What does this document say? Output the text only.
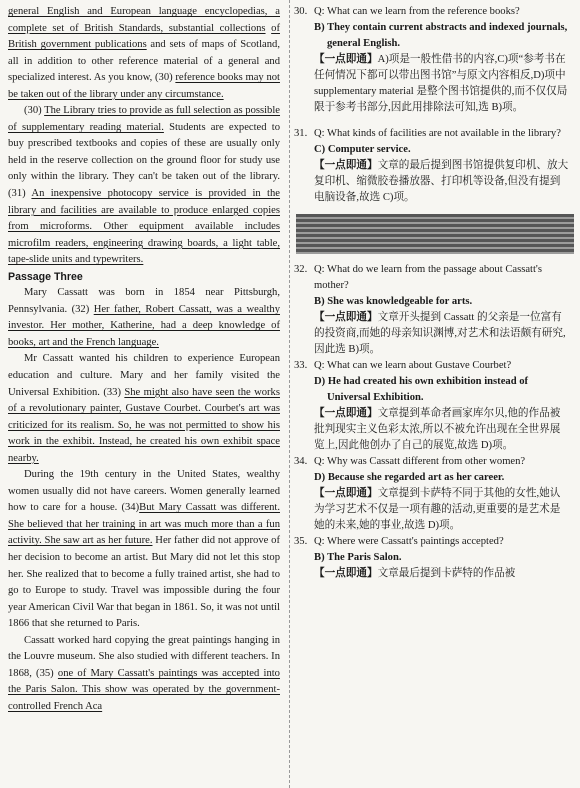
general English and European language encyclopedias, a complete set of British Standards, substantial collections of British government publications and sets of maps of Scotland, all in addition to other reference material of a general and specialized interest. As you know, (30) reference books may not be taken out of the library under any circumstance.

(30) The Library tries to provide as full selection as possible of supplementary reading material. Students are expected to buy prescribed textbooks and copies of these are usually only held in the reserve collection on the ground floor for study use only within the library. They can't be taken out of the library. (31) An inexpensive photocopy service is provided in the library and facilities are available to produce enlarged copies from microforms. Other equipment available includes microfilm readers, engineering drawing boards, a light table, tape-slide units and typewriters.

Passage Three

Mary Cassatt was born in 1854 near Pittsburgh, Pennsylvania. (32) Her father, Robert Cassatt, was a wealthy investor. Her mother, Katherine, had a deep knowledge of books, art and the French language.

Mr Cassatt wanted his children to experience European education and culture. Mary and her family visited the Universal Exhibition. (33) She might also have seen the works of a revolutionary painter, Gustave Courbet. Courbet's art was criticized for its realism. So, he was not permitted to show his work in the exhibit. Instead, he created his own exhibit space nearby.

During the 19th century in the United States, wealthy women usually did not have careers. Women generally learned how to care for a house. (34)But Mary Cassatt was different. She believed that her training in art was much more than a fun activity. She saw art as her future. Her father did not approve of her decision to become an artist. But Mary did not let this stop her. She realized that to become a fully trained artist, she had to go to Europe to study. Travel was impossible during the four year American Civil War that began in 1861. So, it was not until 1866 that she returned to Paris.

Cassatt worked hard copying the great paintings hanging in the Louvre museum. She also studied with different teachers. In 1868, (35) one of Mary Cassatt's paintings was accepted into the Paris Salon. This show was operated by the government-controlled French Aca

30. Q: What can we learn from the reference books?

B) They contain current abstracts and indexed journals, general English.

【一点即通】A)项是一般性借书的内容,C)项“参考书在任何情况下都可以带出图书馆”与原文内容相反,D)项中 supplementary material 是整个图书馆提供的,而不仅仅局限于参考书部分,因此用排除法可知,选 B)项。

31. Q: What kinds of facilities are not available in the library?

C) Computer service.

【一点即通】文章的最后提到图书馆提供复印机、放大复印机、缩微胶卷播放器、打印机等设备,但没有提到电脑设备,故选 C)项。

32. Q: What do we learn from the passage about Cassatt's mother?

B) She was knowledgeable for arts.

【一点即通】文章开头提到 Cassatt 的父亲是一位富有的投资商,而她的母亲知识渊博,对艺术和法语颇有研究,因此选 B)项。

33. Q: What can we learn about Gustave Courbet?

D) He had created his own exhibition instead of Universal Exhibition.

【一点即通】文章提到革命者画家库尔贝,他的作品被批判现实主义色彩太浓,所以不被允许出现在全世界展览上,因此他创办了自己的展览,故选 D)项。

34. Q: Why was Cassatt different from other women?

D) Because she regarded art as her career.

【一点即通】文章提到卡萨特不同于其他的女性,她认为学习艺术不仅是一项有趣的活动,更重要的是艺术是她的未来,她的事业,故选 D)项。

35. Q: Where were Cassatt's paintings accepted?

B) The Paris Salon.

【一点即通】文章最后提到卡萨特的作品被
